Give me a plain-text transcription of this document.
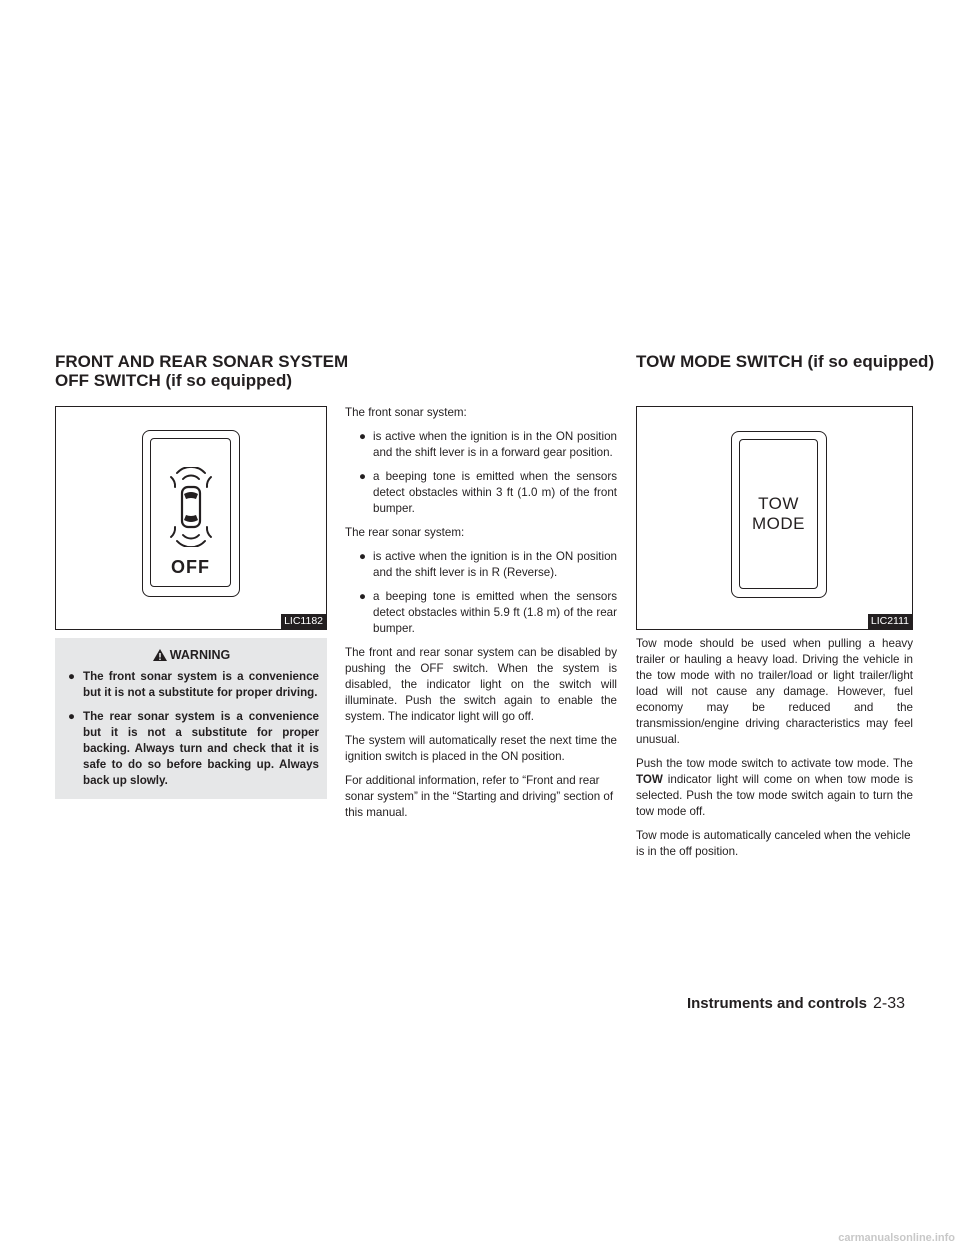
FRONT AND REAR SONAR SYSTEM
OFF SWITCH (if so equipped)
TOW MODE SWITCH (if so equipped)
OFF
LIC1182
WARNING
● The front sonar system is a convenience but it is not a substitute for proper driving.
● The rear sonar system is a convenience but it is not a substitute for proper backing. Always turn and check that it is safe to do so before backing up. Always back up slowly.

The front sonar system:

● is active when the ignition is in the ON position and the shift lever is in a forward gear position.
● a beeping tone is emitted when the sensors detect obstacles within 3 ft (1.0 m) of the front bumper.

The rear sonar system:

● is active when the ignition is in the ON position and the shift lever is in R (Reverse).
● a beeping tone is emitted when the sensors detect obstacles within 5.9 ft (1.8 m) of the rear bumper.

The front and rear sonar system can be disabled by pushing the OFF switch. When the system is disabled, the indicator light on the switch will illuminate. Push the switch again to enable the system. The indicator light will go off.

The system will automatically reset the next time the ignition switch is placed in the ON position.

For additional information, refer to “Front and rear sonar system” in the “Starting and driving” section of this manual.

TOW
MODE
LIC2111

Tow mode should be used when pulling a heavy trailer or hauling a heavy load. Driving the vehicle in the tow mode with no trailer/load or light trailer/light load will not cause any damage. However, fuel economy may be reduced and the transmission/engine driving characteristics may feel unusual.

Push the tow mode switch to activate tow mode. The TOW indicator light will come on when tow mode is selected. Push the tow mode switch again to turn the tow mode off.

Tow mode is automatically canceled when the vehicle is in the off position.

Instruments and controls 2-33
carmanualsonline.info
